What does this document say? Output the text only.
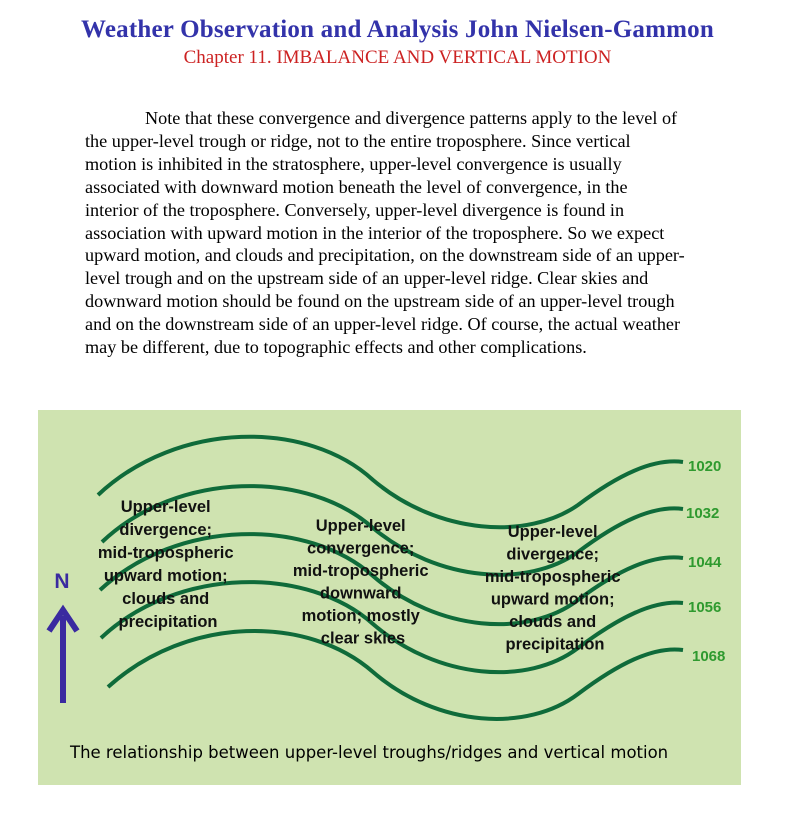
Weather Observation and Analysis John Nielsen-Gammon
Chapter 11. IMBALANCE AND VERTICAL MOTION

Note that these convergence and divergence patterns apply to the level of the upper-level trough or ridge, not to the entire troposphere. Since vertical motion is inhibited in the stratosphere, upper-level convergence is usually associated with downward motion beneath the level of convergence, in the interior of the troposphere. Conversely, upper-level divergence is found in association with upward motion in the interior of the troposphere. So we expect upward motion, and clouds and precipitation, on the downstream side of an upper-level trough and on the upstream side of an upper-level ridge. Clear skies and downward motion should be found on the upstream side of an upper-level trough and on the downstream side of an upper-level ridge. Of course, the actual weather may be different, due to topographic effects and other complications.

1020
1032
1044
1056
1068
N
Upper-level divergence; mid-tropospheric upward motion; clouds and precipitation
Upper-level convergence; mid-tropospheric downward motion; mostly clear skies
Upper-level divergence; mid-tropospheric upward motion; clouds and precipitation
The relationship between upper-level troughs/ridges and vertical motion
